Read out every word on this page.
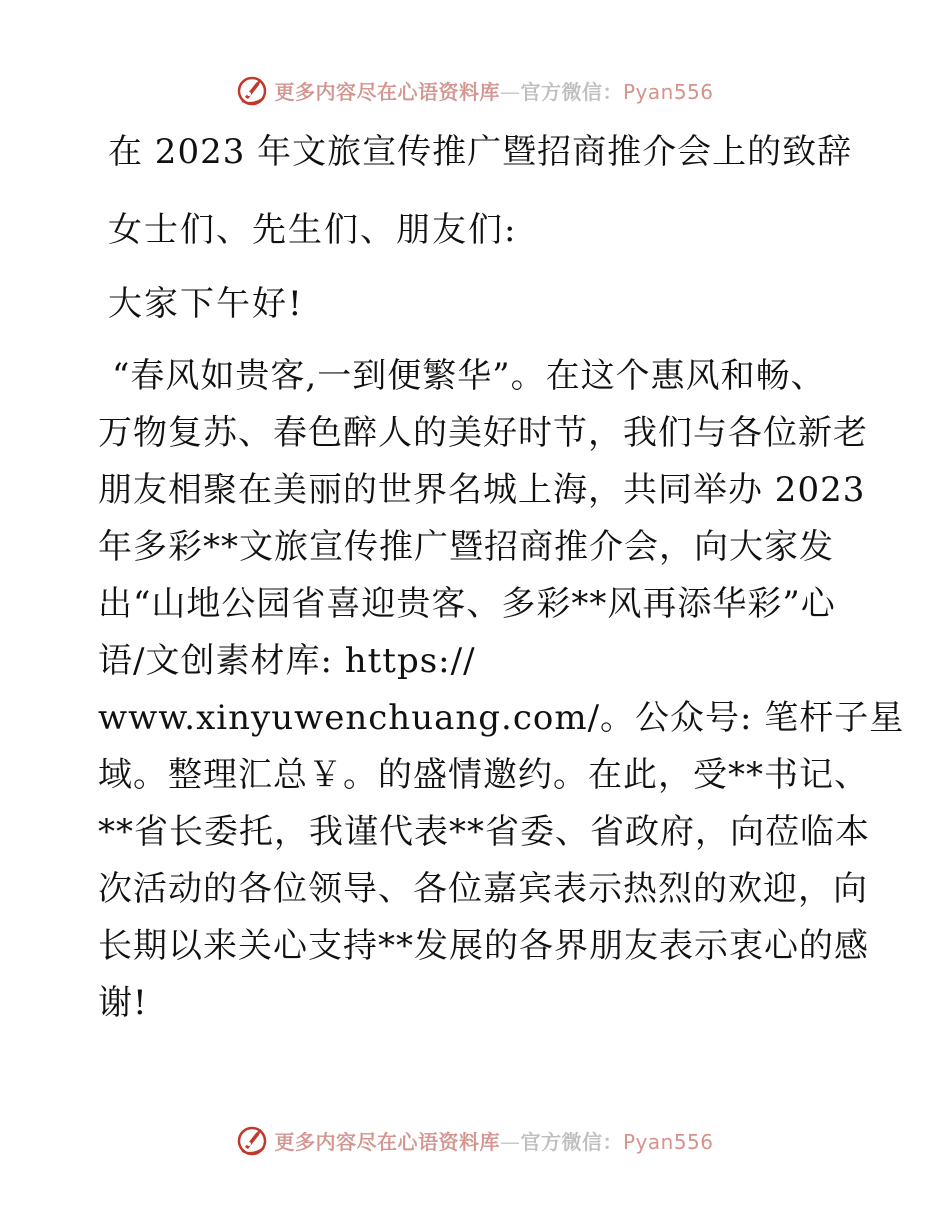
更多内容尽在心语资料库—官方微信：Pyan556
在 2023 年文旅宣传推广暨招商推介会上的致辞
女士们、先生们、朋友们:
大家下午好!
“春风如贵客,一到便繁华”。在这个惠风和畅、
万物复苏、春色醉人的美好时节，我们与各位新老
朋友相聚在美丽的世界名城上海，共同举办 2023
年多彩**文旅宣传推广暨招商推介会，向大家发
出“山地公园省喜迎贵客、多彩**风再添华彩”心
语/文创素材库: https://
www.xinyuwenchuang.com/。公众号: 笔杆子星
域。整理汇总￥。的盛情邀约。在此，受**书记、
**省长委托，我谨代表**省委、省政府，向莅临本
次活动的各位领导、各位嘉宾表示热烈的欢迎，向
长期以来关心支持**发展的各界朋友表示衷心的感
谢!
更多内容尽在心语资料库—官方微信：Pyan556
